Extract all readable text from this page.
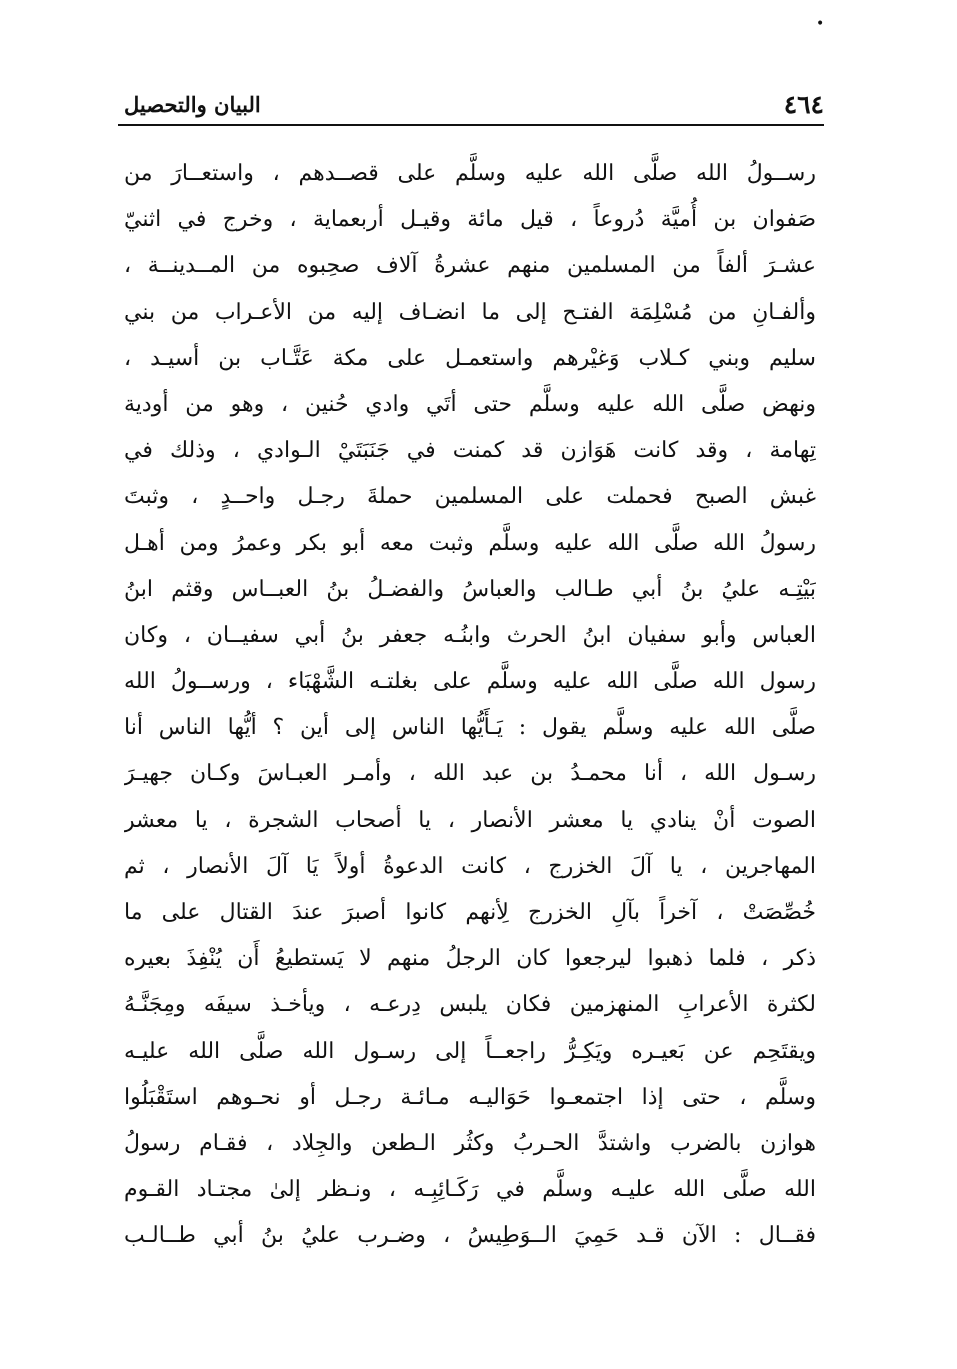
•
٤٦٤
البيان والتحصيل
رســولُ الله صلَّى الله عليه وسلَّم على قصــدهم ، واستعــارَ من
صَفوان بن أُميَّة دُروعاً ، قيل مائة وقيـل أربعماية ، وخرج في اثنيّ
عشـرَ ألفاً من المسلمين منهم عشرةُ آلاف صحِبوه من المــدينــة ،
وألفـانِ من مُسْلِمَة الفتـح إلى ما انضـاف إليه من الأعـراب من بني
سليم وبني كـلاب وَغيْرهم واستعمـل على مكة عَتَّـاب بن أسيـد ،
ونهض صلَّى الله عليه وسلَّم حتى أتَي وادي حُنين ، وهو من أودية
تِهامة ، وقد كانت هَوَازن قد كمنت في جَنَبَتَيْ الـوادي ، وذلك في
غبش الصبح فحملت على المسلمين حملةَ رجـل واحــدٍ ، وثبتَ
رسولُ الله صلَّى الله عليه وسلَّم وثبت معه أبو بكر وعمرُ ومن أهـل
بَيْتِـه عليُ بنُ أبي طـالب والعباسُ والفضـلُ بنُ العبــاس وقثم ابنُ
العباس وأبو سفيان ابنُ الحرث وابنُـه جعفر بنُ أبي سفيــان ، وكان
رسول الله صلَّى الله عليه وسلَّم على بغلتـه الشَّهْبَاء ، ورســولُ الله
صلَّى الله عليه وسلَّم يقول : يَـأَيُّها الناس إلى أين ؟ أيُّها الناس أنا
رسـول الله ، أنا محمـدُ بن عبد الله ، وأمـر العبـاسَ وكـان جهيـرَ
الصوت أنْ ينادي يا معشر الأنصار ، يا أصحاب الشجرة ، يا معشر
المهاجرين ، يا آلَ الخزرج ، كانت الدعوةُ أولاً يَا آلَ الأنصار ، ثم
خُصِّصَتْ ، آخراً بآلِ الخزرج لِأنهم كانوا أصبرَ عندَ القتال على ما
ذكر ، فلما ذهبوا ليرجعوا كان الرجلُ منهم لا يَستطيعُ أَن يُنْفِذَ بعيره
لكثرة الأعرابِ المنهزمين فكان يلبس دِرعـه ، ويأخـذ سيفَه ومِجَنَّـهُ
ويقتَحِم عن بَعيـره ويَكِـرُّ راجعــاً إلى رسـول الله صلَّى الله عليـه
وسلَّم ، حتى إذا اجتمعـوا حَوَاليـه مـائـة رجـل أو نحـوهم استَقْبَلُوا
هوازن بالضرب واشتدَّ الحـربُ وكثُر الـطعن والجِلاد ، فقـام رسولُ
الله صلَّى الله عليـه وسلَّم في رَكَـائِبِـه ، ونـظر إلىٰ مجتـاد القـوم
فقــال : الآن قـد حَمِيَ الــوَطِيسُ ، وضـرب عليُ بنُ أبي طــالـب
